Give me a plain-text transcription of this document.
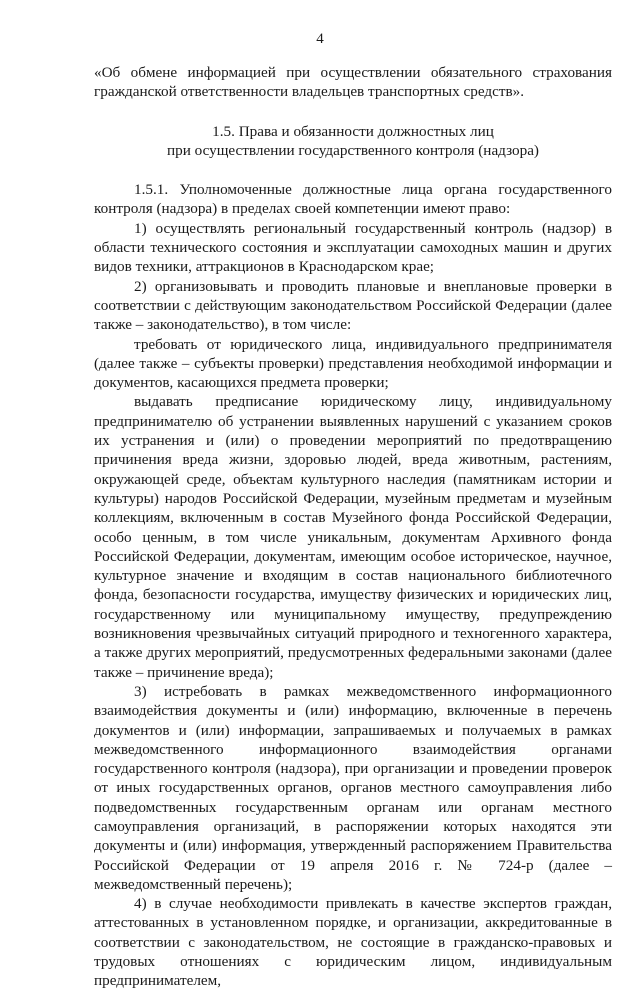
4

«Об обмене информацией при осуществлении обязательного страхования гражданской ответственности владельцев транспортных средств».

1.5. Права и обязанности должностных лиц
при осуществлении государственного контроля (надзора)

1.5.1. Уполномоченные должностные лица органа государственного контроля (надзора) в пределах своей компетенции имеют право:

1) осуществлять региональный государственный контроль (надзор) в области технического состояния и эксплуатации самоходных машин и других видов техники, аттракционов в Краснодарском крае;

2) организовывать и проводить плановые и внеплановые проверки в соответствии с действующим законодательством Российской Федерации (далее также – законодательство), в том числе:

требовать от юридического лица, индивидуального предпринимателя (далее также – субъекты проверки) представления необходимой информации и документов, касающихся предмета проверки;

выдавать предписание юридическому лицу, индивидуальному предпринимателю об устранении выявленных нарушений с указанием сроков их устранения и (или) о проведении мероприятий по предотвращению причинения вреда жизни, здоровью людей, вреда животным, растениям, окружающей среде, объектам культурного наследия (памятникам истории и культуры) народов Российской Федерации, музейным предметам и музейным коллекциям, включенным в состав Музейного фонда Российской Федерации, особо ценным, в том числе уникальным, документам Архивного фонда Российской Федерации, документам, имеющим особое историческое, научное, культурное значение и входящим в состав национального библиотечного фонда, безопасности государства, имуществу физических и юридических лиц, государственному или муниципальному имуществу, предупреждению возникновения чрезвычайных ситуаций природного и техногенного характера, а также других мероприятий, предусмотренных федеральными законами (далее также – причинение вреда);

3) истребовать в рамках межведомственного информационного взаимодействия документы и (или) информацию, включенные в перечень документов и (или) информации, запрашиваемых и получаемых в рамках межведомственного информационного взаимодействия органами государственного контроля (надзора), при организации и проведении проверок от иных государственных органов, органов местного самоуправления либо подведомственных государственным органам или органам местного самоуправления организаций, в распоряжении которых находятся эти документы и (или) информация, утвержденный распоряжением Правительства Российской Федерации от 19 апреля 2016 г. № 724-р (далее – межведомственный перечень);

4) в случае необходимости привлекать в качестве экспертов граждан, аттестованных в установленном порядке, и организации, аккредитованные в соответствии с законодательством, не состоящие в гражданско-правовых и трудовых отношениях с юридическим лицом, индивидуальным предпринимателем,
